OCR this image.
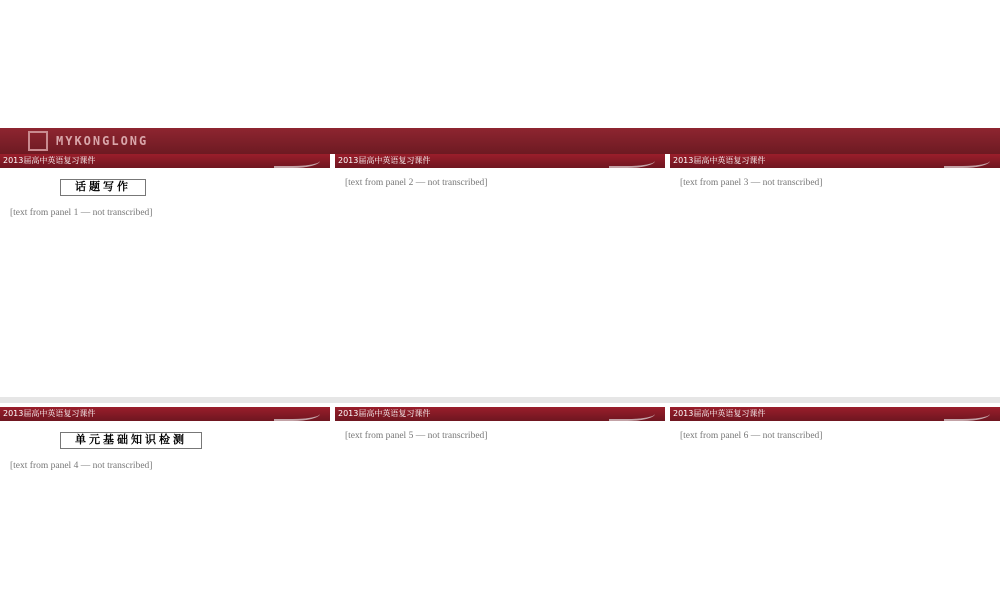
MYKONGLONG
2013届高中英语复习课件
话题写作
[text from panel 1 — not transcribed]
2013届高中英语复习课件
[text from panel 2 — not transcribed]
2013届高中英语复习课件
[text from panel 3 — not transcribed]
2013届高中英语复习课件
单元基础知识检测
[text from panel 4 — not transcribed]
2013届高中英语复习课件
[text from panel 5 — not transcribed]
2013届高中英语复习课件
[text from panel 6 — not transcribed]
